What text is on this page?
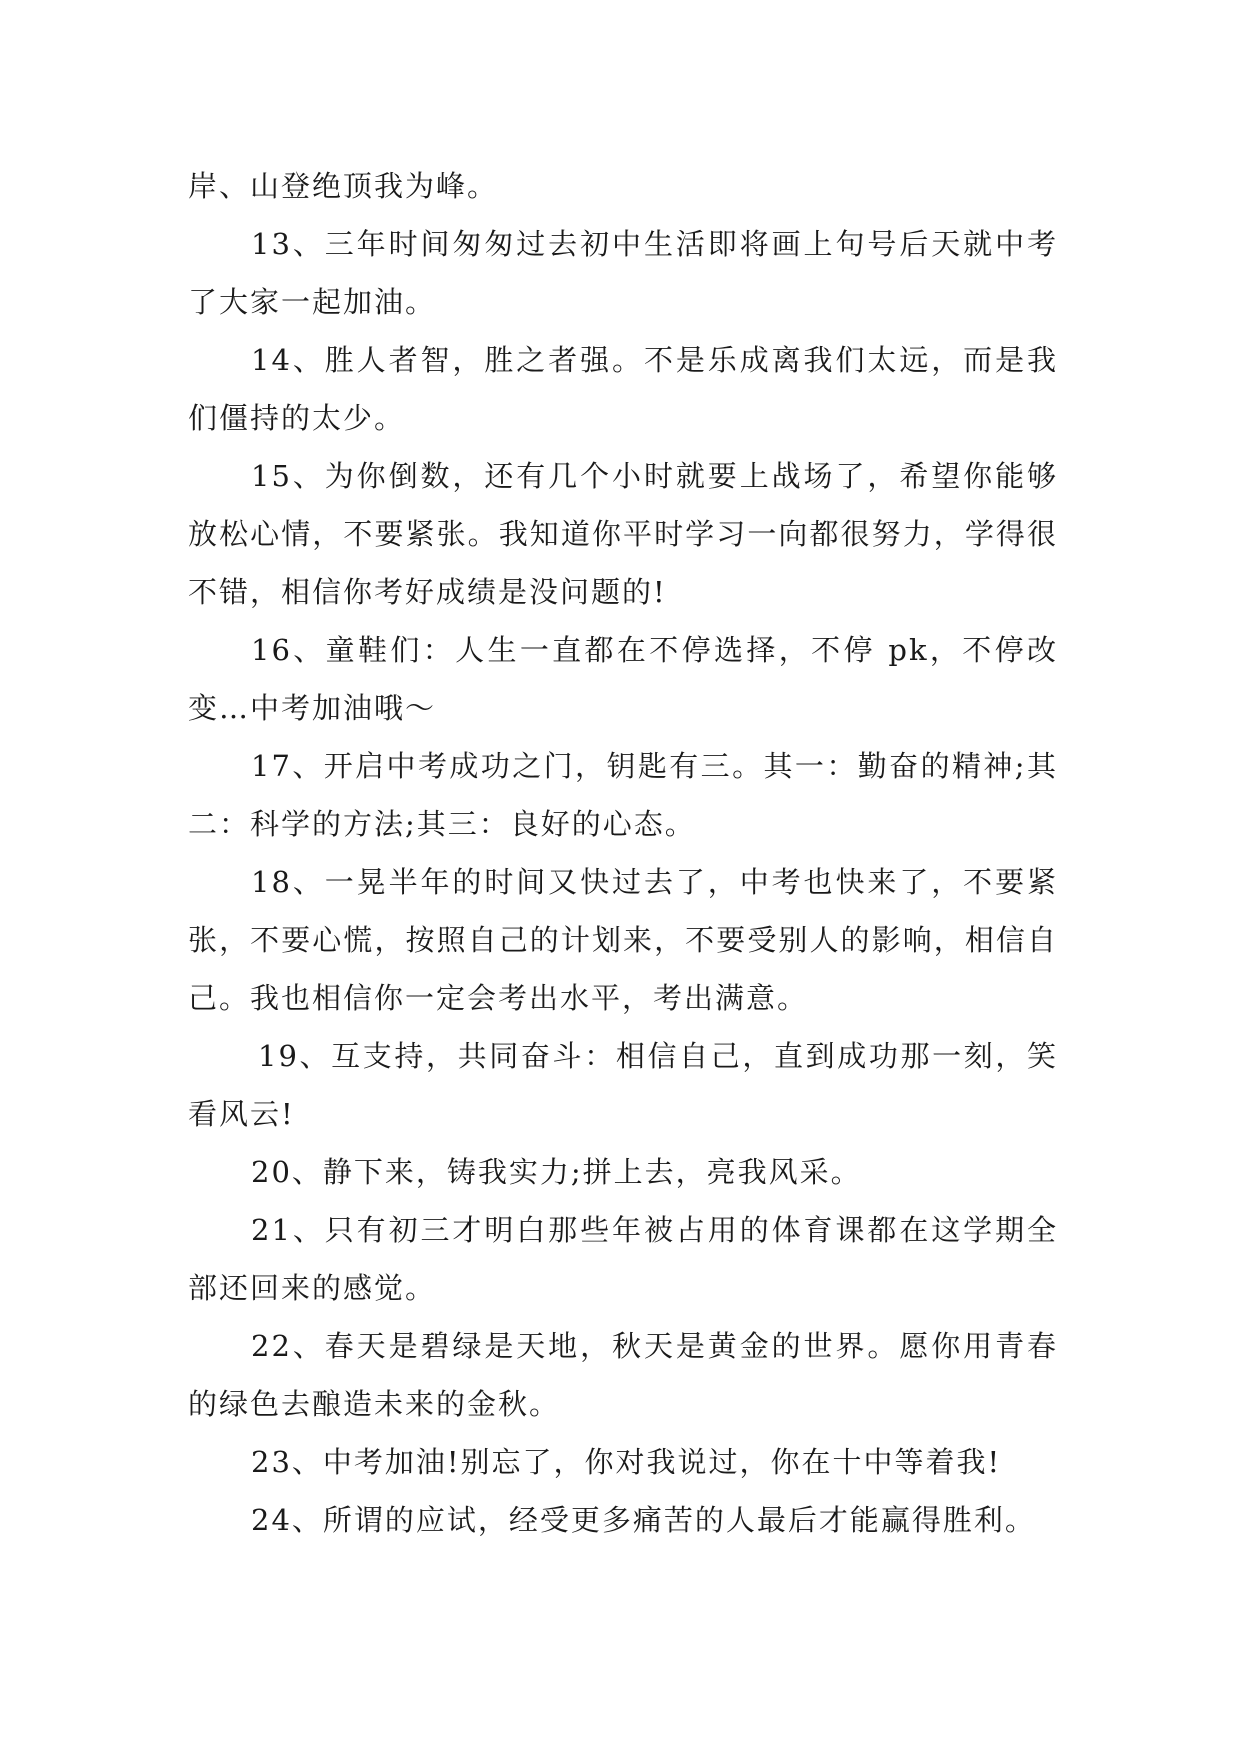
岸、山登绝顶我为峰。

13、三年时间匆匆过去初中生活即将画上句号后天就中考了大家一起加油。

14、胜人者智，胜之者强。不是乐成离我们太远，而是我们僵持的太少。

15、为你倒数，还有几个小时就要上战场了，希望你能够放松心情，不要紧张。我知道你平时学习一向都很努力，学得很不错，相信你考好成绩是没问题的!

16、童鞋们：人生一直都在不停选择，不停 pk，不停改变…中考加油哦～

17、开启中考成功之门，钥匙有三。其一：勤奋的精神;其二：科学的方法;其三：良好的心态。

18、一晃半年的时间又快过去了，中考也快来了，不要紧张，不要心慌，按照自己的计划来，不要受别人的影响，相信自己。我也相信你一定会考出水平，考出满意。

19、互支持，共同奋斗：相信自己，直到成功那一刻，笑看风云!

20、静下来，铸我实力;拼上去，亮我风采。

21、只有初三才明白那些年被占用的体育课都在这学期全部还回来的感觉。

22、春天是碧绿是天地，秋天是黄金的世界。愿你用青春的绿色去酿造未来的金秋。

23、中考加油!别忘了，你对我说过，你在十中等着我!

24、所谓的应试，经受更多痛苦的人最后才能赢得胜利。
